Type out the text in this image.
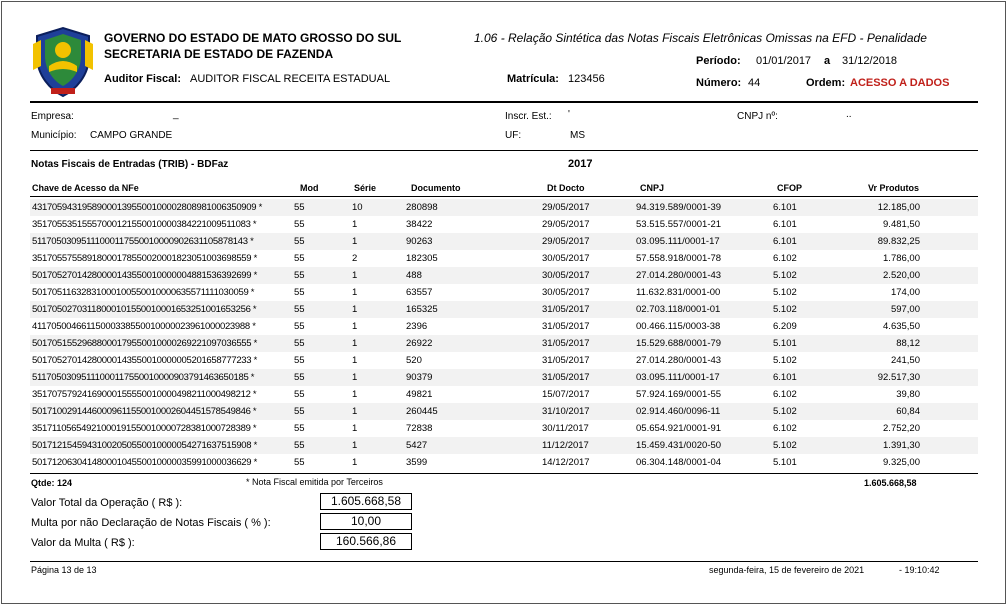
GOVERNO DO ESTADO DE MATO GROSSO DO SUL
SECRETARIA DE ESTADO DE FAZENDA
Auditor Fiscal: AUDITOR FISCAL RECEITA ESTADUAL	Matrícula: 123456
1.06 - Relação Sintética das Notas Fiscais Eletrônicas Omissas na EFD - Penalidade
Período: 01/01/2017 a 31/12/2018
Número: 44	Ordem: ACESSO A DADOS
Empresa:	_	Inscr. Est.: '	CNPJ nº:	..
Município: CAMPO GRANDE	UF:	MS
Notas Fiscais de Entradas (TRIB) - BDFaz	2017
Chave de Acesso da NFe	Mod	Série	Documento	Dt Docto	CNPJ	CFOP	Vr Produtos
43170594319589000139550010000280898100635090​9 *	55	10	280898	29/05/2017	94.319.589/0001-39	6.101	12.185,00
35170553515557000121550010000384221009511083 *	55	1	38422	29/05/2017	53.515.557/0001-21	6.101	9.481,50
51170503095111000117550010000902631105878143 *	55	1	90263	29/05/2017	03.095.111/0001-17	6.101	89.832,25
35170557558918000178550020001823051003698559 *	55	2	182305	30/05/2017	57.558.918/0001-78	6.102	1.786,00
50170527014280000143550010000004881536392699 *	55	1	488	30/05/2017	27.014.280/0001-43	5.102	2.520,00
50170511632831000100550010000635571111030059 *	55	1	63557	30/05/2017	11.632.831/0001-00	5.102	174,00
50170502703118000101550010001653251001653256 *	55	1	165325	31/05/2017	02.703.118/0001-01	5.102	597,00
41170500466115000338550010000023961000023988 *	55	1	2396	31/05/2017	00.466.115/0003-38	6.209	4.635,50
50170515529688000179550010000269221097036555 *	55	1	26922	31/05/2017	15.529.688/0001-79	5.101	88,12
50170527014280000143550010000005201658777233 *	55	1	520	31/05/2017	27.014.280/0001-43	5.102	241,50
51170503095111000117550010000903791463650185 *	55	1	90379	31/05/2017	03.095.111/0001-17	6.101	92.517,30
35170757924169000155550010000498211000498212 *	55	1	49821	15/07/2017	57.924.169/0001-55	6.102	39,80
50171002914460009611550010002604451578549846 *	55	1	260445	31/10/2017	02.914.460/0096-11	5.102	60,84
35171105654921000191550010000728381000728389 *	55	1	72838	30/11/2017	05.654.921/0001-91	6.102	2.752,20
50171215459431002050550010000054271637515908 *	55	1	5427	11/12/2017	15.459.431/0020-50	5.102	1.391,30
50171206304148000104550010000035991000036629 *	55	1	3599	14/12/2017	06.304.148/0001-04	5.101	9.325,00
Qtde: 124	* Nota Fiscal emitida por Terceiros	1.605.668,58
Valor Total da Operação ( R$ ):	1.605.668,58
Multa por não Declaração de Notas Fiscais ( % ):	10,00
Valor da Multa ( R$ ):	160.566,86
Página 13 de 13	segunda-feira, 15 de fevereiro de 2021	- 19:10:42
